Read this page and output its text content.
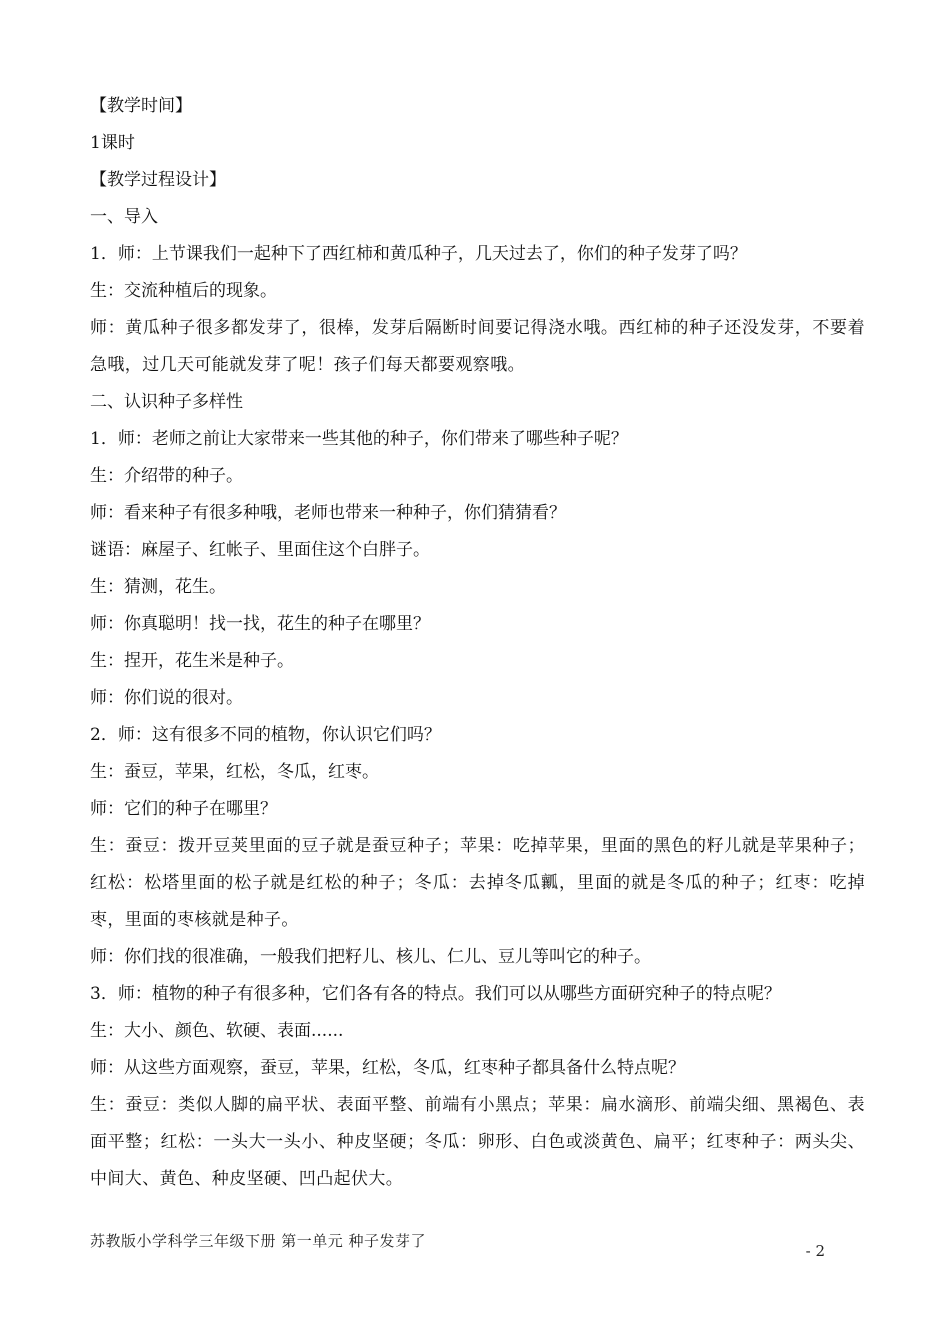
【教学时间】

1课时

【教学过程设计】

一、导入

1．师：上节课我们一起种下了西红柿和黄瓜种子，几天过去了，你们的种子发芽了吗？

生：交流种植后的现象。

师：黄瓜种子很多都发芽了，很棒，发芽后隔断时间要记得浇水哦。西红柿的种子还没发芽，不要着急哦，过几天可能就发芽了呢！孩子们每天都要观察哦。

二、认识种子多样性

1．师：老师之前让大家带来一些其他的种子，你们带来了哪些种子呢？

生：介绍带的种子。

师：看来种子有很多种哦，老师也带来一种种子，你们猜猜看？

谜语：麻屋子、红帐子、里面住这个白胖子。

生：猜测，花生。

师：你真聪明！找一找，花生的种子在哪里？

生：捏开，花生米是种子。

师：你们说的很对。

2．师：这有很多不同的植物，你认识它们吗？

生：蚕豆，苹果，红松，冬瓜，红枣。

师：它们的种子在哪里？

生：蚕豆：拨开豆荚里面的豆子就是蚕豆种子；苹果：吃掉苹果，里面的黑色的籽儿就是苹果种子；红松：松塔里面的松子就是红松的种子；冬瓜：去掉冬瓜瓤，里面的就是冬瓜的种子；红枣：吃掉枣，里面的枣核就是种子。

师：你们找的很准确，一般我们把籽儿、核儿、仁儿、豆儿等叫它的种子。

3．师：植物的种子有很多种，它们各有各的特点。我们可以从哪些方面研究种子的特点呢？

生：大小、颜色、软硬、表面......

师：从这些方面观察，蚕豆，苹果，红松，冬瓜，红枣种子都具备什么特点呢？

生：蚕豆：类似人脚的扁平状、表面平整、前端有小黑点；苹果：扁水滴形、前端尖细、黑褐色、表面平整；红松：一头大一头小、种皮坚硬；冬瓜：卵形、白色或淡黄色、扁平；红枣种子：两头尖、中间大、黄色、种皮坚硬、凹凸起伏大。

苏教版小学科学三年级下册 第一单元 种子发芽了
- 2
